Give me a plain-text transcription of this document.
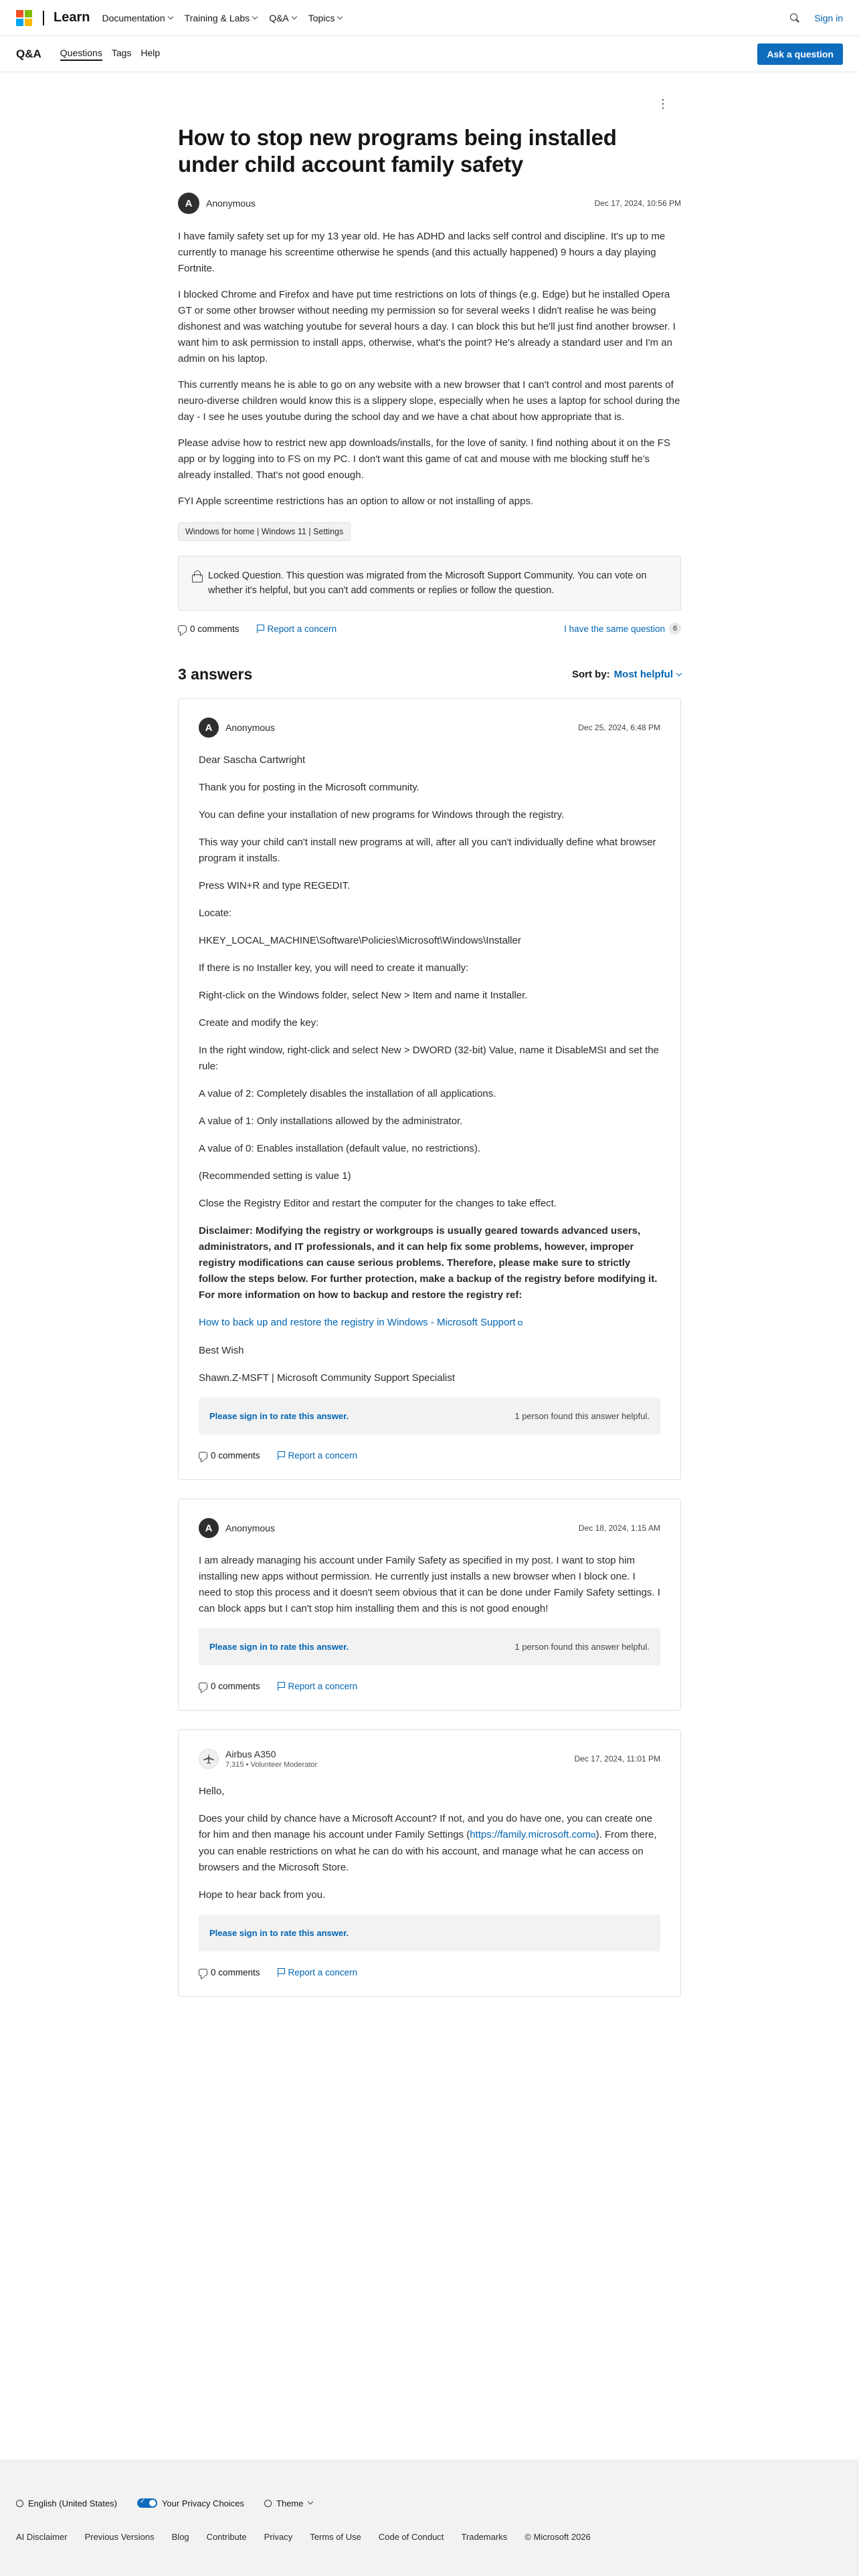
Learn Documentation Training & Labs Q&A Topics	Sign in
Q&A Questions Tags Help	Ask a question
⋮
How to stop new programs being installed under child account family safety
A	Anonymous	Dec 17, 2024, 10:56 PM

I have family safety set up for my 13 year old. He has ADHD and lacks self control and discipline. It's up to me currently to manage his screentime otherwise he spends (and this actually happened) 9 hours a day playing Fortnite.

I blocked Chrome and Firefox and have put time restrictions on lots of things (e.g. Edge) but he installed Opera GT or some other browser without needing my permission so for several weeks I didn't realise he was being dishonest and was watching youtube for several hours a day. I can block this but he'll just find another browser. I want him to ask permission to install apps, otherwise, what's the point? He's already a standard user and I'm an admin on his laptop.

This currently means he is able to go on any website with a new browser that I can't control and most parents of neuro-diverse children would know this is a slippery slope, especially when he uses a laptop for school during the day - I see he uses youtube during the school day and we have a chat about how appropriate that is.

Please advise how to restrict new app downloads/installs, for the love of sanity. I find nothing about it on the FS app or by logging into to FS on my PC. I don't want this game of cat and mouse with me blocking stuff he's already installed. That's not good enough.

FYI Apple screentime restrictions has an option to allow or not installing of apps.

Windows for home | Windows 11 | Settings
Locked Question. This question was migrated from the Microsoft Support Community. You can vote on whether it's helpful, but you can't add comments or replies or follow the question.
0 comments	Report a concern	I have the same question	6
3 answers	Sort by: Most helpful
A	Anonymous	Dec 25, 2024, 6:48 PM

Dear Sascha Cartwright

Thank you for posting in the Microsoft community.

You can define your installation of new programs for Windows through the registry.

This way your child can't install new programs at will, after all you can't individually define what browser program it installs.

Press WIN+R and type REGEDIT.

Locate:

HKEY_LOCAL_MACHINE\Software\Policies\Microsoft\Windows\Installer

If there is no Installer key, you will need to create it manually:

Right-click on the Windows folder, select New > Item and name it Installer.

Create and modify the key:

In the right window, right-click and select New > DWORD (32-bit) Value, name it DisableMSI and set the rule:

A value of 2: Completely disables the installation of all applications.

A value of 1: Only installations allowed by the administrator.

A value of 0: Enables installation (default value, no restrictions).

(Recommended setting is value 1)

Close the Registry Editor and restart the computer for the changes to take effect.

Disclaimer: Modifying the registry or workgroups is usually geared towards advanced users, administrators, and IT professionals, and it can help fix some problems, however, improper registry modifications can cause serious problems. Therefore, please make sure to strictly follow the steps below. For further protection, make a backup of the registry before modifying it. For more information on how to backup and restore the registry ref:

How to back up and restore the registry in Windows - Microsoft Support ⧉

Best Wish

Shawn.Z-MSFT | Microsoft Community Support Specialist

Please sign in to rate this answer.	1 person found this answer helpful.
0 comments	Report a concern
A	Anonymous	Dec 18, 2024, 1:15 AM

I am already managing his account under Family Safety as specified in my post. I want to stop him installing new apps without permission. He currently just installs a new browser when I block one. I need to stop this process and it doesn't seem obvious that it can be done under Family Safety settings. I can block apps but I can't stop him installing them and this is not good enough!

Please sign in to rate this answer.	1 person found this answer helpful.
0 comments	Report a concern
Airbus A350
7,315 • Volunteer Moderator
Dec 17, 2024, 11:01 PM

Hello,

Does your child by chance have a Microsoft Account? If not, and you do have one, you can create one for him and then manage his account under Family Settings (https://family.microsoft.com⧉). From there, you can enable restrictions on what he can do with his account, and manage what he can access on browsers and the Microsoft Store.

Hope to hear back from you.

Please sign in to rate this answer.
0 comments	Report a concern
English (United States)
✓	Your Privacy Choices	Theme
AI Disclaimer Previous Versions Blog Contribute Privacy Terms of Use Code of Conduct Trademarks © Microsoft 2026
